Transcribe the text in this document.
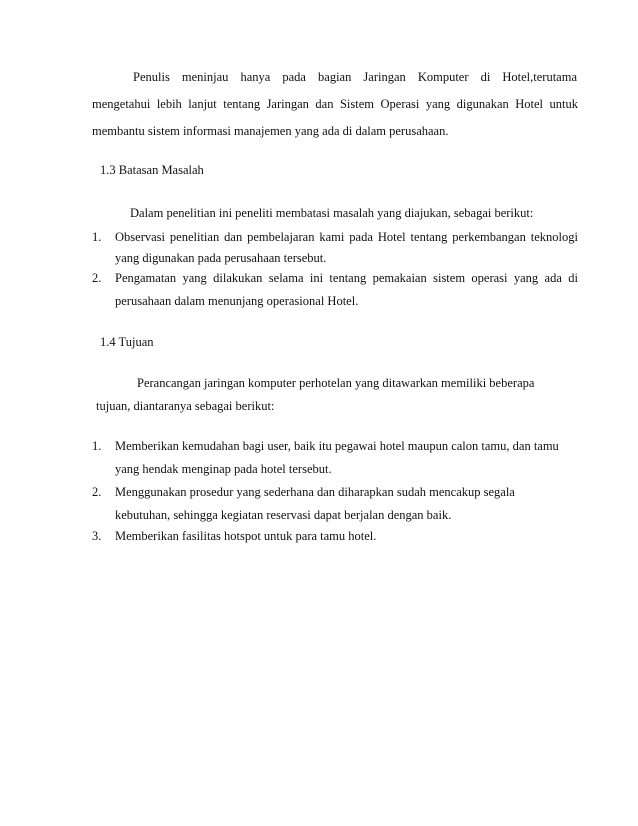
Penulis meninjau hanya pada bagian Jaringan Komputer di Hotel,terutama
mengetahui lebih lanjut tentang Jaringan dan Sistem Operasi yang digunakan Hotel untuk
membantu sistem informasi manajemen yang ada di dalam perusahaan.
1.3 Batasan Masalah
Dalam penelitian ini peneliti membatasi masalah yang diajukan, sebagai berikut:
1. Observasi penelitian dan pembelajaran kami pada Hotel tentang perkembangan teknologi
yang digunakan pada perusahaan tersebut.
2. Pengamatan yang dilakukan selama ini tentang pemakaian sistem operasi yang ada di
perusahaan dalam menunjang operasional Hotel.
1.4 Tujuan
Perancangan jaringan komputer perhotelan yang ditawarkan memiliki beberapa
tujuan, diantaranya sebagai berikut:
1. Memberikan kemudahan bagi user, baik itu pegawai hotel maupun calon tamu, dan tamu
yang hendak menginap pada hotel tersebut.
2. Menggunakan prosedur yang sederhana dan diharapkan sudah mencakup segala
kebutuhan, sehingga kegiatan reservasi dapat berjalan dengan baik.
3. Memberikan fasilitas hotspot untuk para tamu hotel.
